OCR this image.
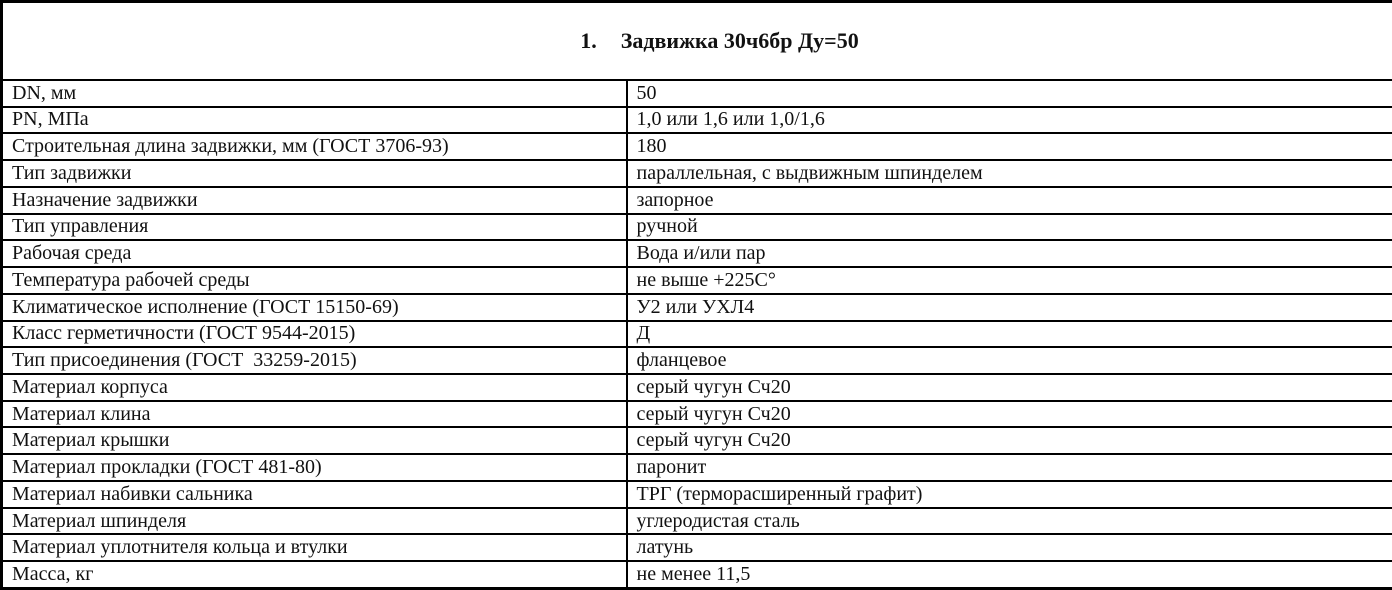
1. Задвижка 30ч6бр Ду=50	

DN, мм	50
PN, МПа	1,0 или 1,6 или 1,0/1,6
Строительная длина задвижки, мм (ГОСТ 3706-93)	180
Тип задвижки	параллельная, с выдвижным шпинделем
Назначение задвижки	запорное
Тип управления	ручной
Рабочая среда	Вода и/или пар
Температура рабочей среды	не выше +225С°
Климатическое исполнение (ГОСТ 15150-69)	У2 или УХЛ4
Класс герметичности (ГОСТ 9544-2015)	Д
Тип присоединения (ГОСТ  33259-2015)	фланцевое
Материал корпуса	серый чугун Сч20
Материал клина	серый чугун Сч20
Материал крышки	серый чугун Сч20
Материал прокладки (ГОСТ 481-80)	паронит
Материал набивки сальника	ТРГ (терморасширенный графит)
Материал шпинделя	углеродистая сталь
Материал уплотнителя кольца и втулки	латунь
Масса, кг	не менее 11,5
